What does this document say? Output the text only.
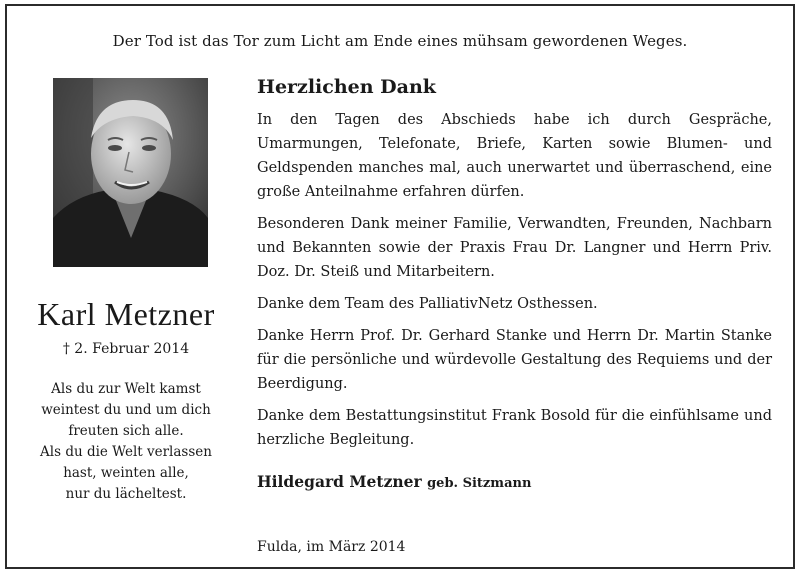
Der Tod ist das Tor zum Licht am Ende eines mühsam gewordenen Weges.
Karl Metzner
† 2. Februar 2014
Als du zur Welt kamst
weintest du und um dich
freuten sich alle.
Als du die Welt verlassen
hast, weinten alle,
nur du lächeltest.
Herzlichen Dank

In den Tagen des Abschieds habe ich durch Gespräche, Umarmungen, Telefonate, Briefe, Karten sowie Blumen- und Geldspenden manches mal, auch unerwartet und überraschend, eine große Anteilnahme erfahren dürfen.

Besonderen Dank meiner Familie, Verwandten, Freunden, Nachbarn und Bekannten sowie der Praxis Frau Dr. Langner und Herrn Priv. Doz. Dr. Steiß und Mitarbeitern.

Danke dem Team des PalliativNetz Osthessen.

Danke Herrn Prof. Dr. Gerhard Stanke und Herrn Dr. Martin Stanke für die persönliche und würdevolle Gestaltung des Requiems und der Beerdigung.

Danke dem Bestattungsinstitut Frank Bosold für die einfühlsame und herzliche Begleitung.

Hildegard Metzner geb. Sitzmann
Fulda, im März 2014
